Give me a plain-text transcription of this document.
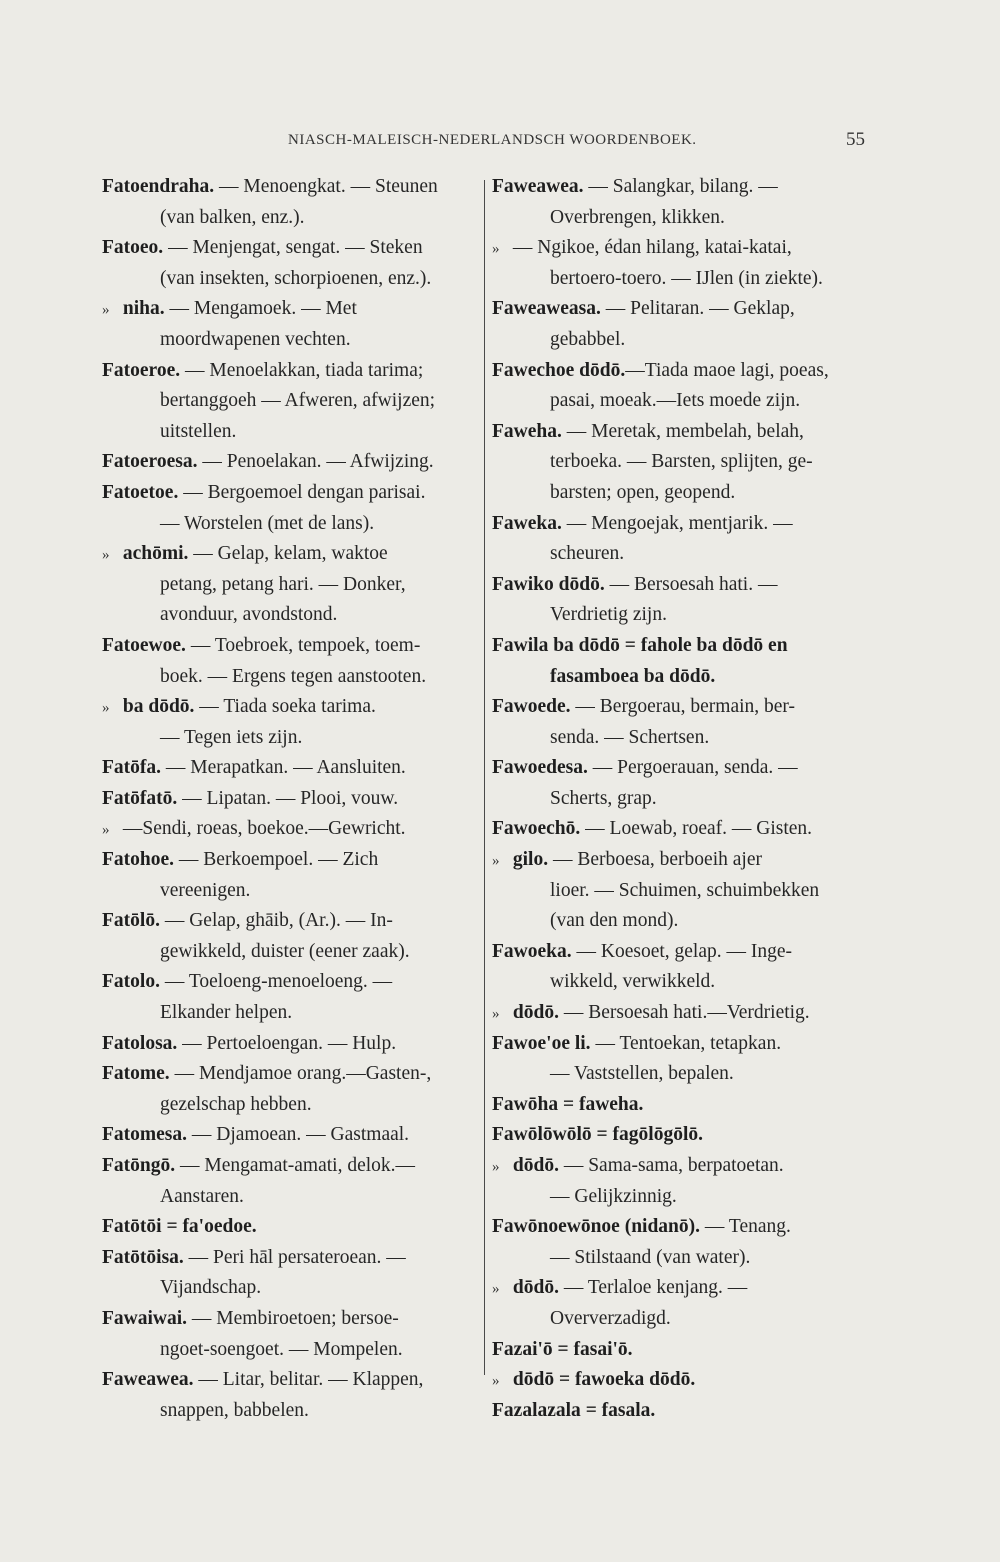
NIASCH-MALEISCH-NEDERLANDSCH WOORDENBOEK.	55
Fatoendraha. — Menoengkat. — Steunen
(van balken, enz.).
Fatoeo. — Menjengat, sengat. — Steken
(van insekten, schorpioenen, enz.).
» niha. — Mengamoek. — Met
moordwapenen vechten.
Fatoeroe. — Menoelakkan, tiada tarima;
bertanggoeh — Afweren, afwijzen;
uitstellen.
Fatoeroesa. — Penoelakan. — Afwijzing.
Fatoetoe. — Bergoemoel dengan parisai.
— Worstelen (met de lans).
» achōmi. — Gelap, kelam, waktoe
petang, petang hari. — Donker,
avonduur, avondstond.
Fatoewoe. — Toebroek, tempoek, toem-
boek. — Ergens tegen aanstooten.
» ba dōdō. — Tiada soeka tarima.
— Tegen iets zijn.
Fatōfa. — Merapatkan. — Aansluiten.
Fatōfatō. — Lipatan. — Plooi, vouw.
» —Sendi, roeas, boekoe.—Gewricht.
Fatohoe. — Berkoempoel. — Zich
vereenigen.
Fatōlō. — Gelap, ghāib, (Ar.). — In-
gewikkeld, duister (eener zaak).
Fatolo. — Toeloeng-menoeloeng. —
Elkander helpen.
Fatolosa. — Pertoeloengan. — Hulp.
Fatome. — Mendjamoe orang.—Gasten-,
gezelschap hebben.
Fatomesa. — Djamoean. — Gastmaal.
Fatōngō. — Mengamat-amati, delok.—
Aanstaren.
Fatōtōi = fa'oedoe.
Fatōtōisa. — Peri hāl persateroean. —
Vijandschap.
Fawaiwai. — Membiroetoen; bersoe-
ngoet-soengoet. — Mompelen.
Faweawea. — Litar, belitar. — Klappen,
snappen, babbelen.
Faweawea. — Salangkar, bilang. —
Overbrengen, klikken.
» — Ngikoe, édan hilang, katai-katai,
bertoero-toero. — IJlen (in ziekte).
Faweaweasa. — Pelitaran. — Geklap,
gebabbel.
Fawechoe dōdō.—Tiada maoe lagi, poeas,
pasai, moeak.—Iets moede zijn.
Faweha. — Meretak, membelah, belah,
terboeka. — Barsten, splijten, ge-
barsten; open, geopend.
Faweka. — Mengoejak, mentjarik. —
scheuren.
Fawiko dōdō. — Bersoesah hati. —
Verdrietig zijn.
Fawila ba dōdō = fahole ba dōdō en
fasamboea ba dōdō.
Fawoede. — Bergoerau, bermain, ber-
senda. — Schertsen.
Fawoedesa. — Pergoerauan, senda. —
Scherts, grap.
Fawoechō. — Loewab, roeaf. — Gisten.
» gilo. — Berboesa, berboeih ajer
lioer. — Schuimen, schuimbekken
(van den mond).
Fawoeka. — Koesoet, gelap. — Inge-
wikkeld, verwikkeld.
» dōdō. — Bersoesah hati.—Verdrietig.
Fawoe'oe li. — Tentoekan, tetapkan.
— Vaststellen, bepalen.
Fawōha = faweha.
Fawōlōwōlō = fagōlōgōlō.
» dōdō. — Sama-sama, berpatoetan.
— Gelijkzinnig.
Fawōnoewōnoe (nidanō). — Tenang.
— Stilstaand (van water).
» dōdō. — Terlaloe kenjang. —
Oververzadigd.
Fazai'ō = fasai'ō.
» dōdō = fawoeka dōdō.
Fazalazala = fasala.
